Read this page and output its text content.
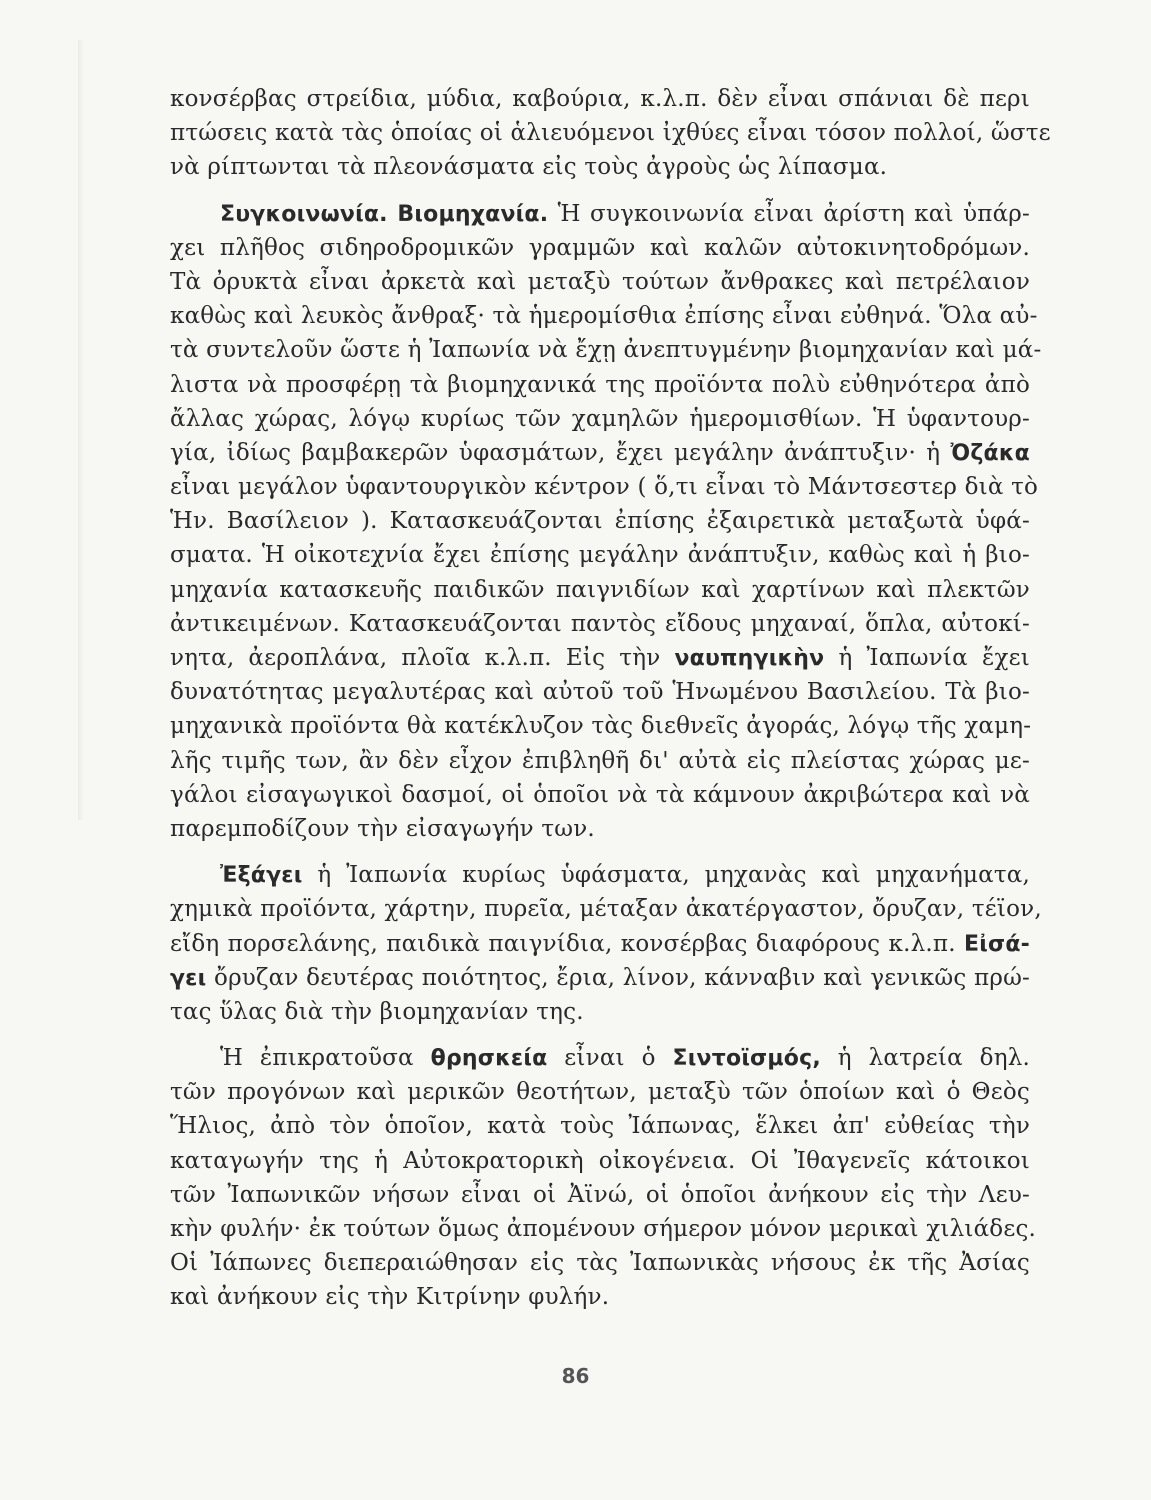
κονσέρβας στρείδια, μύδια, καβούρια, κ.λ.π. δὲν εἶναι σπάνιαι δὲ περι
πτώσεις κατὰ τὰς ὁποίας οἱ ἁλιευόμενοι ἰχθύες εἶναι τόσον πολλοί, ὥστε
νὰ ρίπτωνται τὰ πλεονάσματα εἰς τοὺς ἀγροὺς ὡς λίπασμα.
Συγκοινωνία. Βιομηχανία. Ἡ συγκοινωνία εἶναι ἀρίστη καὶ ὑπάρ-
χει πλῆθος σιδηροδρομικῶν γραμμῶν καὶ καλῶν αὐτοκινητοδρόμων.
Τὰ ὀρυκτὰ εἶναι ἀρκετὰ καὶ μεταξὺ τούτων ἄνθρακες καὶ πετρέλαιον
καθὼς καὶ λευκὸς ἄνθραξ· τὰ ἡμερομίσθια ἐπίσης εἶναι εὐθηνά. Ὅλα αὐ-
τὰ συντελοῦν ὥστε ἡ Ἰαπωνία νὰ ἔχῃ ἀνεπτυγμένην βιομηχανίαν καὶ μά-
λιστα νὰ προσφέρῃ τὰ βιομηχανικά της προϊόντα πολὺ εὐθηνότερα ἀπὸ
ἄλλας χώρας, λόγῳ κυρίως τῶν χαμηλῶν ἡμερομισθίων. Ἡ ὑφαντουρ-
γία, ἰδίως βαμβακερῶν ὑφασμάτων, ἔχει μεγάλην ἀνάπτυξιν· ἡ Ὀζάκα
εἶναι μεγάλον ὑφαντουργικὸν κέντρον ( ὅ,τι εἶναι τὸ Μάντσεστερ διὰ τὸ
Ἡν. Βασίλειον ). Κατασκευάζονται ἐπίσης ἐξαιρετικὰ μεταξωτὰ ὑφά-
σματα. Ἡ οἰκοτεχνία ἔχει ἐπίσης μεγάλην ἀνάπτυξιν, καθὼς καὶ ἡ βιο-
μηχανία κατασκευῆς παιδικῶν παιγνιδίων καὶ χαρτίνων καὶ πλεκτῶν
ἀντικειμένων. Κατασκευάζονται παντὸς εἴδους μηχαναί, ὅπλα, αὐτοκί-
νητα, ἀεροπλάνα, πλοῖα κ.λ.π. Εἰς τὴν ναυπηγικὴν ἡ Ἰαπωνία ἔχει
δυνατότητας μεγαλυτέρας καὶ αὐτοῦ τοῦ Ἡνωμένου Βασιλείου. Τὰ βιο-
μηχανικὰ προϊόντα θὰ κατέκλυζον τὰς διεθνεῖς ἀγοράς, λόγῳ τῆς χαμη-
λῆς τιμῆς των, ἂν δὲν εἶχον ἐπιβληθῆ δι' αὐτὰ εἰς πλείστας χώρας με-
γάλοι εἰσαγωγικοὶ δασμοί, οἱ ὁποῖοι νὰ τὰ κάμνουν ἀκριβώτερα καὶ νὰ
παρεμποδίζουν τὴν εἰσαγωγήν των.
Ἐξάγει ἡ Ἰαπωνία κυρίως ὑφάσματα, μηχανὰς καὶ μηχανήματα,
χημικὰ προϊόντα, χάρτην, πυρεῖα, μέταξαν ἀκατέργαστον, ὄρυζαν, τέϊον,
εἴδη πορσελάνης, παιδικὰ παιγνίδια, κονσέρβας διαφόρους κ.λ.π. Εἰσά-
γει ὄρυζαν δευτέρας ποιότητος, ἔρια, λίνον, κάνναβιν καὶ γενικῶς πρώ-
τας ὕλας διὰ τὴν βιομηχανίαν της.
Ἡ ἐπικρατοῦσα θρησκεία εἶναι ὁ Σιντοϊσμός, ἡ λατρεία δηλ.
τῶν προγόνων καὶ μερικῶν θεοτήτων, μεταξὺ τῶν ὁποίων καὶ ὁ Θεὸς
Ἥλιος, ἀπὸ τὸν ὁποῖον, κατὰ τοὺς Ἰάπωνας, ἕλκει ἀπ' εὐθείας τὴν
καταγωγήν της ἡ Αὐτοκρατορικὴ οἰκογένεια. Οἱ Ἰθαγενεῖς κάτοικοι
τῶν Ἰαπωνικῶν νήσων εἶναι οἱ Ἀϊνώ, οἱ ὁποῖοι ἀνήκουν εἰς τὴν Λευ-
κὴν φυλήν· ἐκ τούτων ὅμως ἀπομένουν σήμερον μόνον μερικαὶ χιλιάδες.
Οἱ Ἰάπωνες διεπεραιώθησαν εἰς τὰς Ἰαπωνικὰς νήσους ἐκ τῆς Ἀσίας
καὶ ἀνήκουν εἰς τὴν Κιτρίνην φυλήν.
86
